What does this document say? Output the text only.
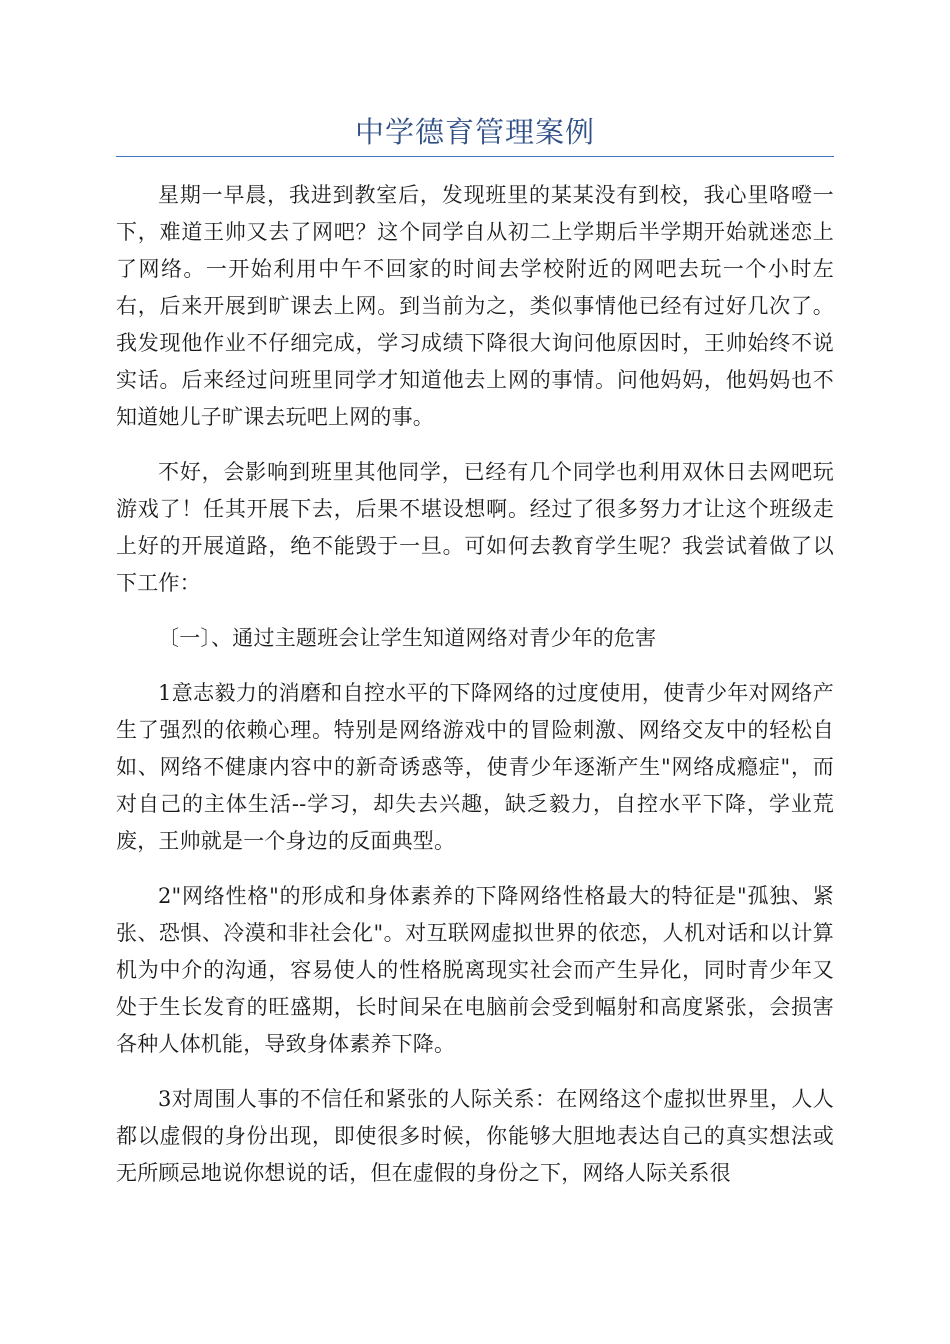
中学德育管理案例

星期一早晨，我进到教室后，发现班里的某某没有到校，我心里咯噔一下，难道王帅又去了网吧？这个同学自从初二上学期后半学期开始就迷恋上了网络。一开始利用中午不回家的时间去学校附近的网吧去玩一个小时左右，后来开展到旷课去上网。到当前为之，类似事情他已经有过好几次了。我发现他作业不仔细完成，学习成绩下降很大询问他原因时，王帅始终不说实话。后来经过问班里同学才知道他去上网的事情。问他妈妈，他妈妈也不知道她儿子旷课去玩吧上网的事。

不好，会影响到班里其他同学，已经有几个同学也利用双休日去网吧玩游戏了！任其开展下去，后果不堪设想啊。经过了很多努力才让这个班级走上好的开展道路，绝不能毁于一旦。可如何去教育学生呢？我尝试着做了以下工作：

〔一〕、通过主题班会让学生知道网络对青少年的危害

1意志毅力的消磨和自控水平的下降网络的过度使用，使青少年对网络产生了强烈的依赖心理。特别是网络游戏中的冒险刺激、网络交友中的轻松自如、网络不健康内容中的新奇诱惑等，使青少年逐渐产生"网络成瘾症"，而对自己的主体生活--学习，却失去兴趣，缺乏毅力，自控水平下降，学业荒废，王帅就是一个身边的反面典型。

2"网络性格"的形成和身体素养的下降网络性格最大的特征是"孤独、紧张、恐惧、冷漠和非社会化"。对互联网虚拟世界的依恋，人机对话和以计算机为中介的沟通，容易使人的性格脱离现实社会而产生异化，同时青少年又处于生长发育的旺盛期，长时间呆在电脑前会受到幅射和高度紧张，会损害各种人体机能，导致身体素养下降。

3对周围人事的不信任和紧张的人际关系：在网络这个虚拟世界里，人人都以虚假的身份出现，即使很多时候，你能够大胆地表达自己的真实想法或无所顾忌地说你想说的话，但在虚假的身份之下，网络人际关系很
